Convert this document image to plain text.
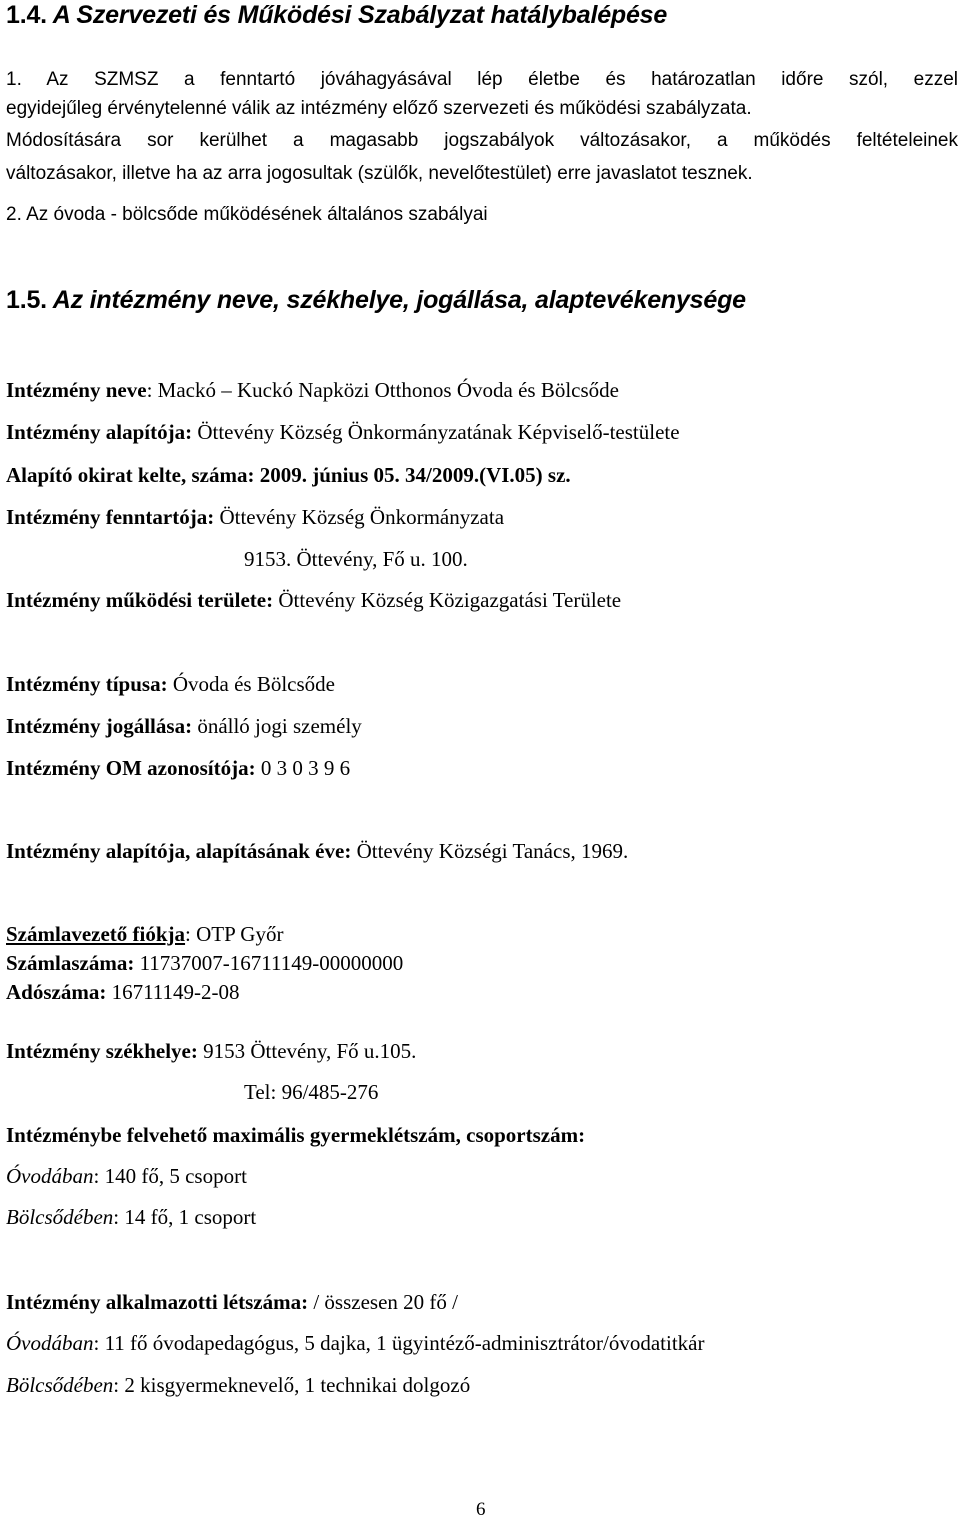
1.4. A Szervezeti és Működési Szabályzat hatálybalépése
1. Az SZMSZ a fenntartó jóváhagyásával lép életbe és határozatlan időre szól, ezzel
egyidejűleg érvénytelenné válik az intézmény előző szervezeti és működési szabályzata.
Módosítására sor kerülhet a magasabb jogszabályok változásakor, a működés feltételeinek
változásakor, illetve ha az arra jogosultak (szülők, nevelőtestület) erre javaslatot tesznek.
2. Az óvoda - bölcsőde működésének általános szabályai
1.5. Az intézmény neve, székhelye, jogállása, alaptevékenysége
Intézmény neve: Mackó – Kuckó Napközi Otthonos Óvoda és Bölcsőde
Intézmény alapítója: Öttevény Község Önkormányzatának Képviselő-testülete
Alapító okirat kelte, száma: 2009. június 05. 34/2009.(VI.05) sz.
Intézmény fenntartója: Öttevény Község Önkormányzata
9153. Öttevény, Fő u. 100.
Intézmény működési területe: Öttevény Község Közigazgatási Területe
Intézmény típusa: Óvoda és Bölcsőde
Intézmény jogállása: önálló jogi személy
Intézmény OM azonosítója: 0 3 0 3 9 6
Intézmény alapítója, alapításának éve: Öttevény Községi Tanács, 1969.
Számlavezető fiókja: OTP Győr
Számlaszáma: 11737007-16711149-00000000
Adószáma: 16711149-2-08
Intézmény székhelye: 9153 Öttevény, Fő u.105.
Tel: 96/485-276
Intézménybe felvehető maximális gyermeklétszám, csoportszám:
Óvodában: 140 fő, 5 csoport
Bölcsődében: 14 fő, 1 csoport
Intézmény alkalmazotti létszáma: / összesen 20 fő /
Óvodában: 11 fő óvodapedagógus, 5 dajka, 1 ügyintéző-adminisztrátor/óvodatitkár
Bölcsődében: 2 kisgyermeknevelő, 1 technikai dolgozó
6
